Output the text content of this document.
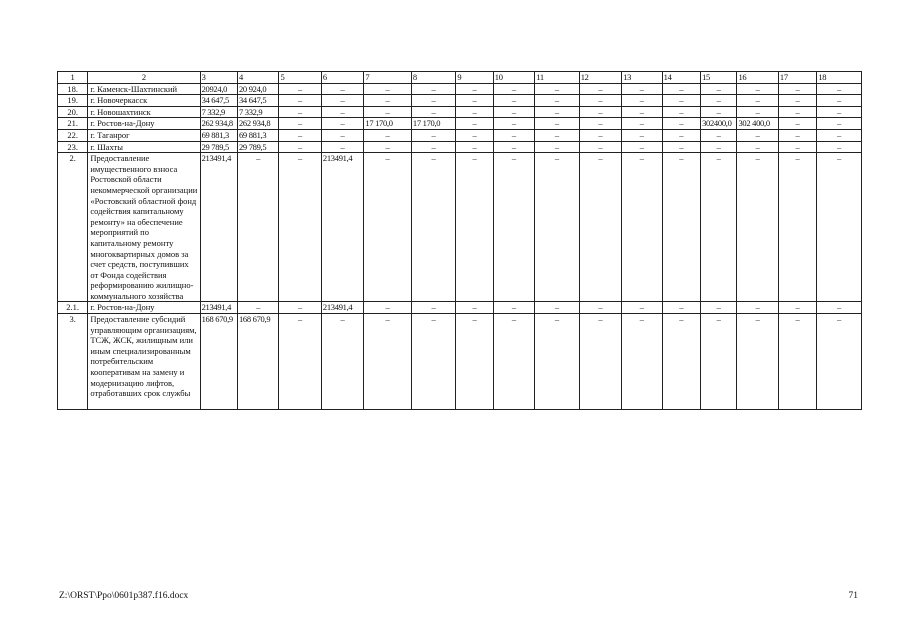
1	2	3	4	5	6	7	8	9	10	11	12	13	14	15	16	17	18
18.	г. Каменск-Шахтинский	20924,0	20 924,0	–	–	–	–	–	–	–	–	–	–	–	–	–	–
19.	г. Новочеркасск	34 647,5	34 647,5	–	–	–	–	–	–	–	–	–	–	–	–	–	–
20.	г. Новошахтинск	7 332,9	7 332,9	–	–	–	–	–	–	–	–	–	–	–	–	–	–
21.	г. Ростов-на-Дону	262 934,8	262 934,8	–	–	17 170,0	17 170,0	–	–	–	–	–	–	302400,0	302 400,0	–	–
22.	г. Таганрог	69 881,3	69 881,3	–	–	–	–	–	–	–	–	–	–	–	–	–	–
23.	г. Шахты	29 789,5	29 789,5	–	–	–	–	–	–	–	–	–	–	–	–	–	–
2.	Предоставление имущественного взноса Ростовской области некоммерческой организации «Ростовский областной фонд содействия капитальному ремонту» на обеспечение мероприятий по капитальному ремонту многоквартирных домов за счет средств, поступивших от Фонда содействия реформированию жилищно-коммунального хозяйства	213491,4	–	–	213491,4	–	–	–	–	–	–	–	–	–	–	–	–
2.1.	г. Ростов-на-Дону	213491,4	–	–	213491,4	–	–	–	–	–	–	–	–	–	–	–	–
3.	Предоставление субсидий управляющим организациям, ТСЖ, ЖСК, жилищным или иным специализированным потребительским кооперативам на замену и модернизацию лифтов, отработавших срок службы	168 670,9	168 670,9	–	–	–	–	–	–	–	–	–	–	–	–	–	–
Z:\ORST\Ppo\0601p387.f16.docx	71
